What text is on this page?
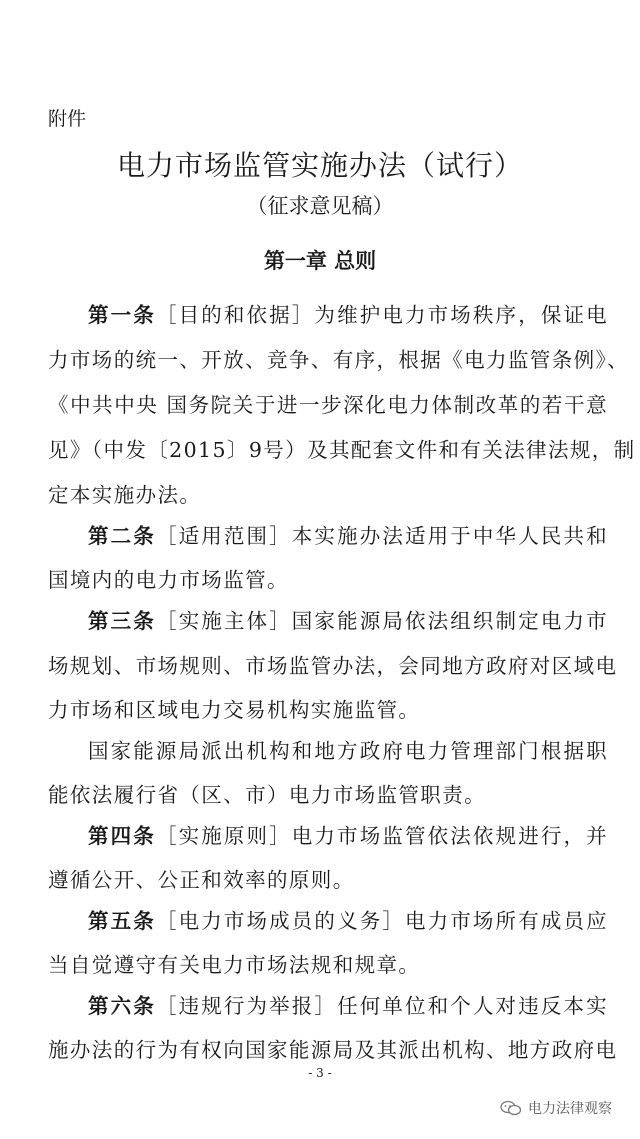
附件
电力市场监管实施办法（试行）
（征求意见稿）
第一章 总则
第一条［目的和依据］为维护电力市场秩序，保证电
力市场的统一、开放、竞争、有序，根据《电力监管条例》、
《中共中央 国务院关于进一步深化电力体制改革的若干意
见》（中发〔2015〕9号）及其配套文件和有关法律法规，制
定本实施办法。
第二条［适用范围］本实施办法适用于中华人民共和
国境内的电力市场监管。
第三条［实施主体］国家能源局依法组织制定电力市
场规划、市场规则、市场监管办法，会同地方政府对区域电
力市场和区域电力交易机构实施监管。
国家能源局派出机构和地方政府电力管理部门根据职
能依法履行省（区、市）电力市场监管职责。
第四条［实施原则］电力市场监管依法依规进行，并
遵循公开、公正和效率的原则。
第五条［电力市场成员的义务］电力市场所有成员应
当自觉遵守有关电力市场法规和规章。
第六条［违规行为举报］任何单位和个人对违反本实
施办法的行为有权向国家能源局及其派出机构、地方政府电
- 3 -
电力法律观察
